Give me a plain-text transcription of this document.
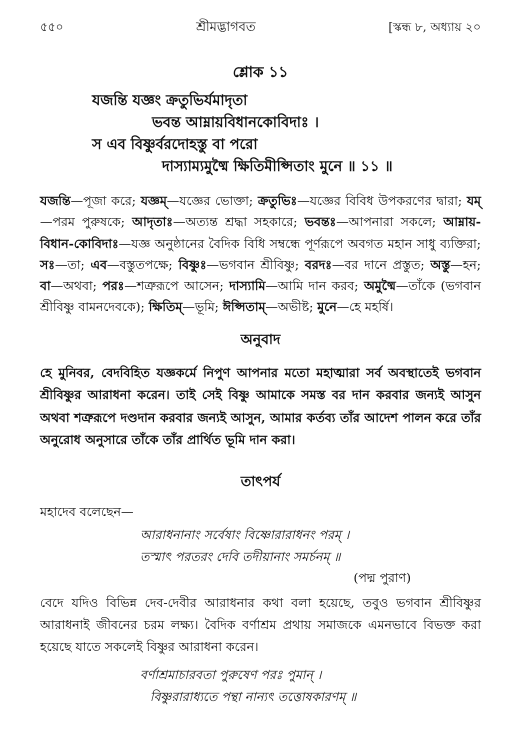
৫৫০	শ্রীমদ্ভাগবত	[স্কন্ধ ৮, অধ্যায় ২০
শ্লোক ১১
যজন্তি যজ্ঞং ক্রতুভির্যমাদৃতা
ভবন্ত আম্নায়বিধানকোবিদাঃ ।
স এব বিষ্ণুর্বরদোহস্তু বা পরো
দাস্যাম্যমুষ্মৈ ক্ষিতিমীপ্সিতাং মুনে ॥ ১১ ॥
যজন্তি—পূজা করে; যজ্ঞম্—যজ্ঞের ভোক্তা; ক্রতুভিঃ—যজ্ঞের বিবিধ উপকরণের দ্বারা; যম্—পরম পুরুষকে; আদৃতাঃ—অত্যন্ত শ্রদ্ধা সহকারে; ভবন্তঃ—আপনারা সকলে; আম্নায়-বিধান-কোবিদাঃ—যজ্ঞ অনুষ্ঠানের বৈদিক বিধি সম্বন্ধে পূর্ণরূপে অবগত মহান সাধু ব্যক্তিরা; সঃ—তা; এব—বস্তুতপক্ষে; বিষ্ণুঃ—ভগবান শ্রীবিষ্ণু; বরদঃ—বর দানে প্রস্তুত; অস্তু—হন; বা—অথবা; পরঃ—শত্রুরূপে আসেন; দাস্যামি—আমি দান করব; অমুষ্মৈ—তাঁকে (ভগবান শ্রীবিষ্ণু বামনদেবকে); ক্ষিতিম্—ভূমি; ঈপ্সিতাম্—অভীষ্ট; মুনে—হে মহর্ষি।
অনুবাদ
হে মুনিবর, বেদবিহিত যজ্ঞকর্মে নিপুণ আপনার মতো মহাত্মারা সর্ব অবস্থাতেই ভগবান শ্রীবিষ্ণুর আরাধনা করেন। তাই সেই বিষ্ণু আমাকে সমস্ত বর দান করবার জন্যই আসুন অথবা শত্রুরূপে দণ্ডদান করবার জন্যই আসুন, আমার কর্তব্য তাঁর আদেশ পালন করে তাঁর অনুরোধ অনুসারে তাঁকে তাঁর প্রার্থিত ভূমি দান করা।
তাৎপর্য
মহাদেব বলেছেন—
আরাধনানাং সর্বেষাং বিষ্ণোরারাধনং পরম্ ।
তস্মাৎ পরতরং দেবি তদীয়ানাং সমর্চনম্ ॥
(পদ্ম পুরাণ)
বেদে যদিও বিভিন্ন দেব-দেবীর আরাধনার কথা বলা হয়েছে, তবুও ভগবান শ্রীবিষ্ণুর আরাধনাই জীবনের চরম লক্ষ্য। বৈদিক বর্ণাশ্রম প্রথায় সমাজকে এমনভাবে বিভক্ত করা হয়েছে যাতে সকলেই বিষ্ণুর আরাধনা করেন।
বর্ণাশ্রমাচারবতা পুরুষেণ পরঃ পুমান্ ।
বিষ্ণুরারাধ্যতে পন্থা নান্যৎ তত্তোষকারণম্ ॥
